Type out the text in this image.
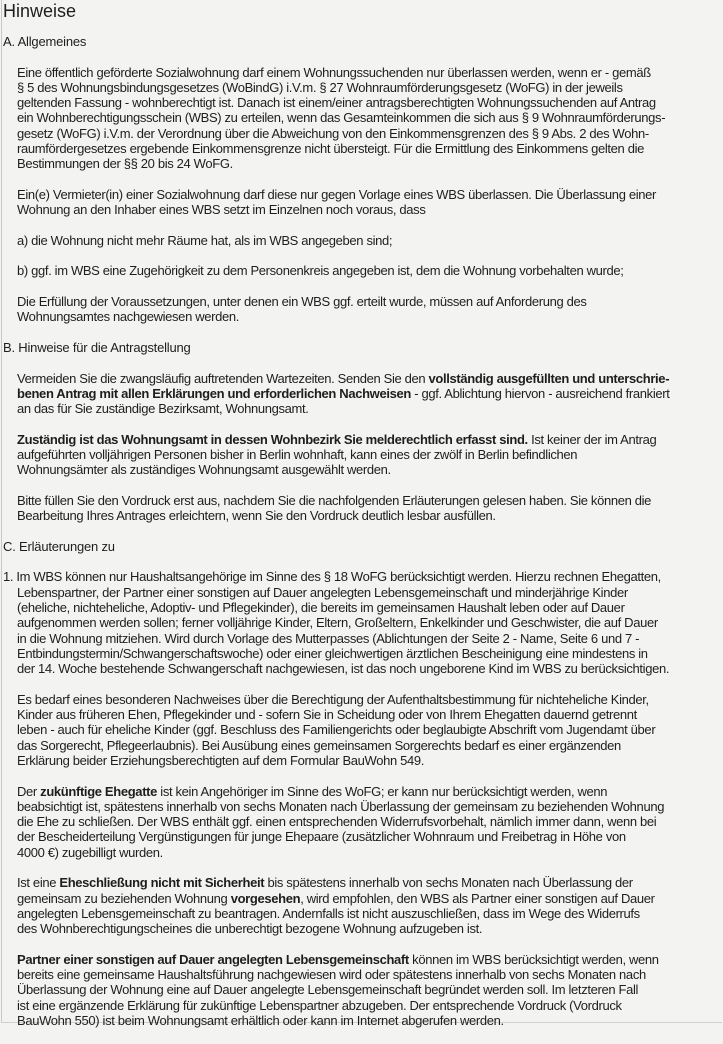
Hinweise
A. Allgemeines
Eine öffentlich geförderte Sozialwohnung darf einem Wohnungssuchenden nur überlassen werden, wenn er - gemäß
§ 5 des Wohnungsbindungsgesetzes (WoBindG) i.V.m. § 27 Wohnraumförderungsgesetz (WoFG) in der jeweils
geltenden Fassung - wohnberechtigt ist. Danach ist einem/einer antragsberechtigten Wohnungssuchenden auf Antrag
ein Wohnberechtigungsschein (WBS) zu erteilen, wenn das Gesamteinkommen die sich aus § 9 Wohnraumförderungs-
gesetz (WoFG) i.V.m. der Verordnung über die Abweichung von den Einkommensgrenzen des § 9 Abs. 2 des Wohn-
raumfördergesetzes ergebende Einkommensgrenze nicht übersteigt. Für die Ermittlung des Einkommens gelten die
Bestimmungen der §§ 20 bis 24 WoFG.
Ein(e) Vermieter(in) einer Sozialwohnung darf diese nur gegen Vorlage eines WBS überlassen. Die Überlassung einer
Wohnung an den Inhaber eines WBS setzt im Einzelnen noch voraus, dass
a) die Wohnung nicht mehr Räume hat, als im WBS angegeben sind;
b) ggf. im WBS eine Zugehörigkeit zu dem Personenkreis angegeben ist, dem die Wohnung vorbehalten wurde;
Die Erfüllung der Voraussetzungen, unter denen ein WBS ggf. erteilt wurde, müssen auf Anforderung des
Wohnungsamtes nachgewiesen werden.
B. Hinweise für die Antragstellung
Vermeiden Sie die zwangsläufig auftretenden Wartezeiten. Senden Sie den vollständig ausgefüllten und unterschrie-
benen Antrag mit allen Erklärungen und erforderlichen Nachweisen - ggf. Ablichtung hiervon - ausreichend frankiert
an das für Sie zuständige Bezirksamt, Wohnungsamt.
Zuständig ist das Wohnungsamt in dessen Wohnbezirk Sie melderechtlich erfasst sind. Ist keiner der im Antrag
aufgeführten volljährigen Personen bisher in Berlin wohnhaft, kann eines der zwölf in Berlin befindlichen
Wohnungsämter als zuständiges Wohnungsamt ausgewählt werden.
Bitte füllen Sie den Vordruck erst aus, nachdem Sie die nachfolgenden Erläuterungen gelesen haben. Sie können die
Bearbeitung Ihres Antrages erleichtern, wenn Sie den Vordruck deutlich lesbar ausfüllen.
C. Erläuterungen zu
1. Im WBS können nur Haushaltsangehörige im Sinne des § 18 WoFG berücksichtigt werden. Hierzu rechnen Ehegatten,
Lebenspartner, der Partner einer sonstigen auf Dauer angelegten Lebensgemeinschaft und minderjährige Kinder
(eheliche, nichteheliche, Adoptiv- und Pflegekinder), die bereits im gemeinsamen Haushalt leben oder auf Dauer
aufgenommen werden sollen; ferner volljährige Kinder, Eltern, Großeltern, Enkelkinder und Geschwister, die auf Dauer
in die Wohnung mitziehen. Wird durch Vorlage des Mutterpasses (Ablichtungen der Seite 2 - Name, Seite 6 und 7 -
Entbindungstermin/Schwangerschaftswoche) oder einer gleichwertigen ärztlichen Bescheinigung eine mindestens in
der 14. Woche bestehende Schwangerschaft nachgewiesen, ist das noch ungeborene Kind im WBS zu berücksichtigen.
Es bedarf eines besonderen Nachweises über die Berechtigung der Aufenthaltsbestimmung für nichteheliche Kinder,
Kinder aus früheren Ehen, Pflegekinder und - sofern Sie in Scheidung oder von Ihrem Ehegatten dauernd getrennt
leben - auch für eheliche Kinder (ggf. Beschluss des Familiengerichts oder beglaubigte Abschrift vom Jugendamt über
das Sorgerecht, Pflegeerlaubnis). Bei Ausübung eines gemeinsamen Sorgerechts bedarf es einer ergänzenden
Erklärung beider Erziehungsberechtigten auf dem Formular BauWohn 549.
Der zukünftige Ehegatte ist kein Angehöriger im Sinne des WoFG; er kann nur berücksichtigt werden, wenn
beabsichtigt ist, spätestens innerhalb von sechs Monaten nach Überlassung der gemeinsam zu beziehenden Wohnung
die Ehe zu schließen. Der WBS enthält ggf. einen entsprechenden Widerrufsvorbehalt, nämlich immer dann, wenn bei
der Bescheiderteilung Vergünstigungen für junge Ehepaare (zusätzlicher Wohnraum und Freibetrag in Höhe von
4000 €) zugebilligt wurden.
Ist eine Eheschließung nicht mit Sicherheit bis spätestens innerhalb von sechs Monaten nach Überlassung der
gemeinsam zu beziehenden Wohnung vorgesehen, wird empfohlen, den WBS als Partner einer sonstigen auf Dauer
angelegten Lebensgemeinschaft zu beantragen. Andernfalls ist nicht auszuschließen, dass im Wege des Widerrufs
des Wohnberechtigungscheines die unberechtigt bezogene Wohnung aufzugeben ist.
Partner einer sonstigen auf Dauer angelegten Lebensgemeinschaft können im WBS berücksichtigt werden, wenn
bereits eine gemeinsame Haushaltsführung nachgewiesen wird oder spätestens innerhalb von sechs Monaten nach
Überlassung der Wohnung eine auf Dauer angelegte Lebensgemeinschaft begründet werden soll. Im letzteren Fall
ist eine ergänzende Erklärung für zukünftige Lebenspartner abzugeben. Der entsprechende Vordruck (Vordruck
BauWohn 550) ist beim Wohnungsamt erhältlich oder kann im Internet abgerufen werden.
